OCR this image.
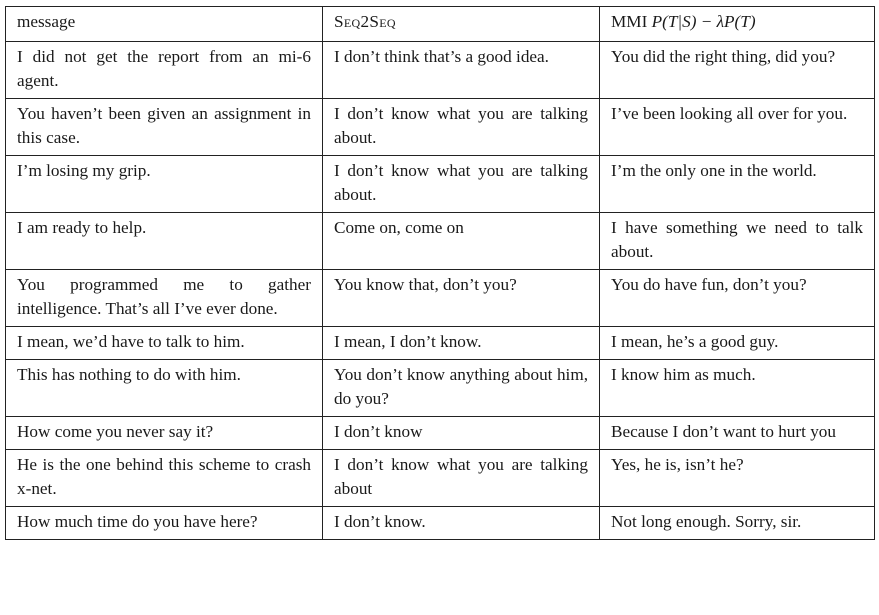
message	Seq2Seq	MMI P(T|S) − λP(T)
I did not get the report from an mi-6 agent.	I don’t think that’s a good idea.	You did the right thing, did you?
You haven’t been given an assignment in this case.	I don’t know what you are talking about.	I’ve been looking all over for you.
I’m losing my grip.	I don’t know what you are talking about.	I’m the only one in the world.
I am ready to help.	Come on, come on	I have something we need to talk about.
You programmed me to gather intelligence. That’s all I’ve ever done.	You know that, don’t you?	You do have fun, don’t you?
I mean, we’d have to talk to him.	I mean, I don’t know.	I mean, he’s a good guy.
This has nothing to do with him.	You don’t know anything about him, do you?	I know him as much.
How come you never say it?	I don’t know	Because I don’t want to hurt you
He is the one behind this scheme to crash x-net.	I don’t know what you are talking about	Yes, he is, isn’t he?
How much time do you have here?	I don’t know.	Not long enough. Sorry, sir.
